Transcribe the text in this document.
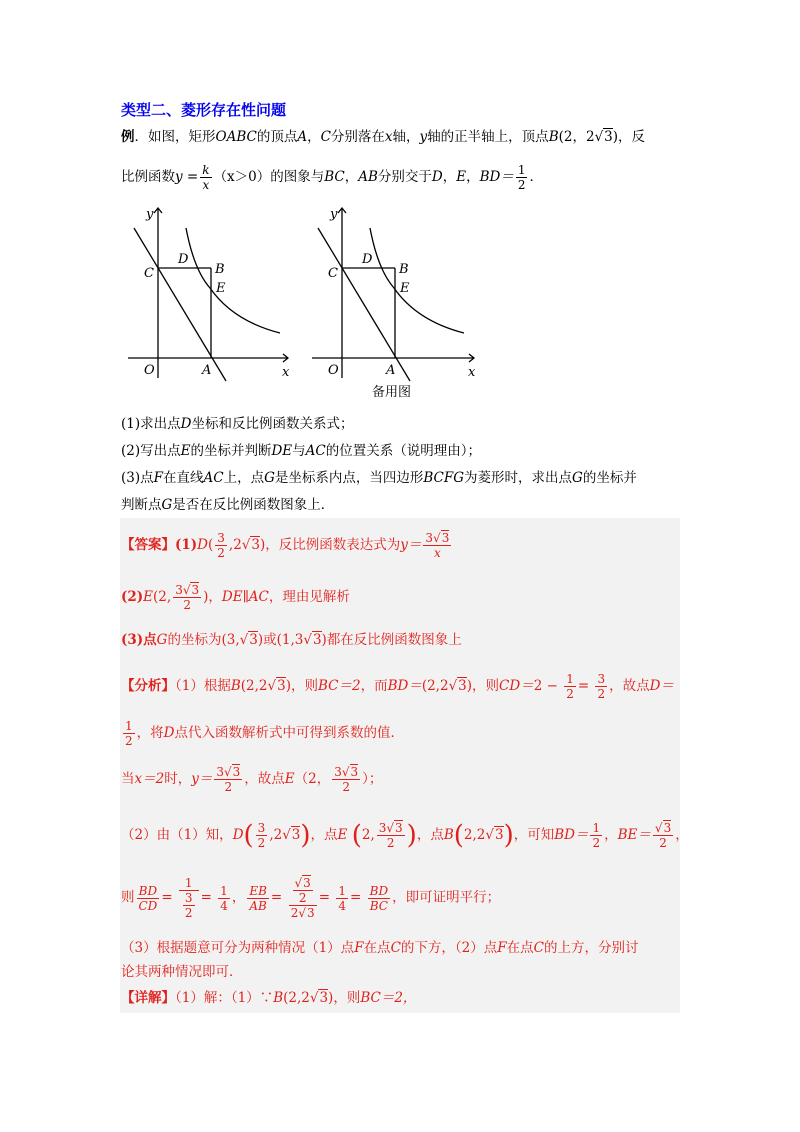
类型二、菱形存在性问题
例．如图，矩形OABC的顶点A，C分别落在x轴，y轴的正半轴上，顶点B(2，2√3)，反
比例函数$y = \frac{k}{x} (x>0)$的图象与BC，AB分别交于D，E，$BD= \frac{1}{2}$ ．
y
x
O	A
C
D
B
E
y
x
O	A
C
D
B
E
备用图
(1)求出点D坐标和反比例函数关系式；
(2)写出点E的坐标并判断DE与AC的位置关系（说明理由）；
(3)点F在直线AC上，点G是坐标系内点，当四边形BCFG为菱形时，求出点G的坐标并
判断点G是否在反比例函数图象上．
【答案】$(1)D( \frac{3}{2} ,2√3)$，反比例函数表达式为$y= \frac{3√3}{x}$
(2)E(2, $\frac{3√3}{2}$ )，DE∥AC，理由见解析
(3)点G的坐标为(3,√3)或(1,3√3)都在反比例函数图象上
【分析】（1）根据B(2,2√3)，则BC＝2，而BD＝(2,2√3)，则$CD=2 - \frac{1}{2} = \frac{3}{2}$ ，故点D＝
$\frac{1}{2}$ ，将D点代入函数解析式中可得到系数的值．
当x＝2时，$y= \frac{3√3}{2}$ ，故点E（2， $\frac{3√3}{2}$ ）；
（2）由（1）知，$D( \frac{3}{2} ,2√3)$，点E (2, $\frac{3√3}{2}$ )，点B(2,2√3)，可知$BD= \frac{1}{2}$ ，$BE= \frac{√3}{2}$ ，
则 $\frac{BD}{CD} = \frac{1}{\frac{3}{2}} = \frac{1}{4}$ ， $\frac{EB}{AB} = \frac{\frac{√3}{2}}{2√3} = \frac{1}{4} = \frac{BD}{BC}$ ，即可证明平行；
（3）根据题意可分为两种情况（1）点F在点C的下方，（2）点F在点C的上方，分别讨
论其两种情况即可．
【详解】（1）解：（1）∵B(2,2√3)，则BC＝2，
